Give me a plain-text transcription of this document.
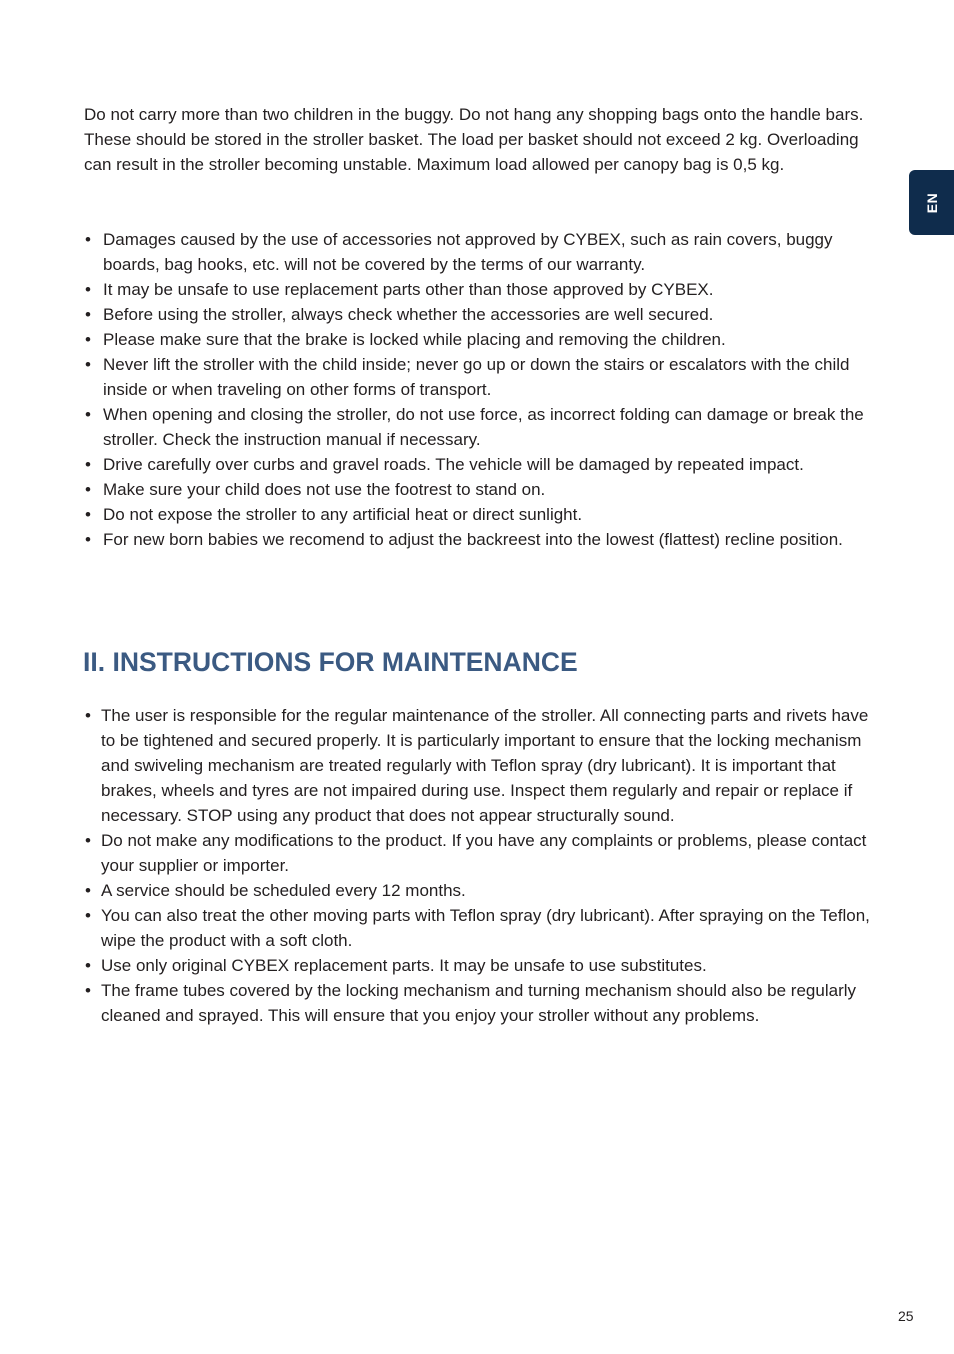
EN

Do not carry more than two children in the buggy. Do not hang any shopping bags onto the handle bars. These should be stored in the stroller basket. The load per basket should not exceed 2 kg. Overloading can result in the stroller becoming unstable. Maximum load allowed per canopy bag is 0,5 kg.

• Damages caused by the use of accessories not approved by CYBEX, such as rain covers, buggy boards, bag hooks, etc. will not be covered by the terms of our warranty.
• It may be unsafe to use replacement parts other than those approved by CYBEX.
• Before using the stroller, always check whether the accessories are well secured.
• Please make sure that the brake is locked while placing and removing the children.
• Never lift the stroller with the child inside; never go up or down the stairs or escalators with the child inside or when traveling on other forms of transport.
• When opening and closing the stroller, do not use force, as incorrect folding can damage or break the stroller. Check the instruction manual if necessary.
• Drive carefully over curbs and gravel roads. The vehicle will be damaged by repeated impact.
• Make sure your child does not use the footrest to stand on.
• Do not expose the stroller to any artificial heat or direct sunlight.
• For new born babies we recomend to adjust the backreest into the lowest (flattest) recline position.
II. INSTRUCTIONS FOR MAINTENANCE
• The user is responsible for the regular maintenance of the stroller. All connecting parts and rivets have to be tightened and secured properly. It is particularly important to ensure that the locking mechanism and swiveling mechanism are treated regularly with Teflon spray (dry lubricant). It is important that brakes, wheels and tyres are not impaired during use. Inspect them regularly and repair or replace if necessary. STOP using any product that does not appear structurally sound.
• Do not make any modifications to the product. If you have any complaints or problems, please contact your supplier or importer.
• A service should be scheduled every 12 months.
• You can also treat the other moving parts with Teflon spray (dry lubricant). After spraying on the Teflon, wipe the product with a soft cloth.
• Use only original CYBEX replacement parts. It may be unsafe to use substitutes.
• The frame tubes covered by the locking mechanism and turning mechanism should also be regularly cleaned and sprayed. This will ensure that you enjoy your stroller without any problems.
25
